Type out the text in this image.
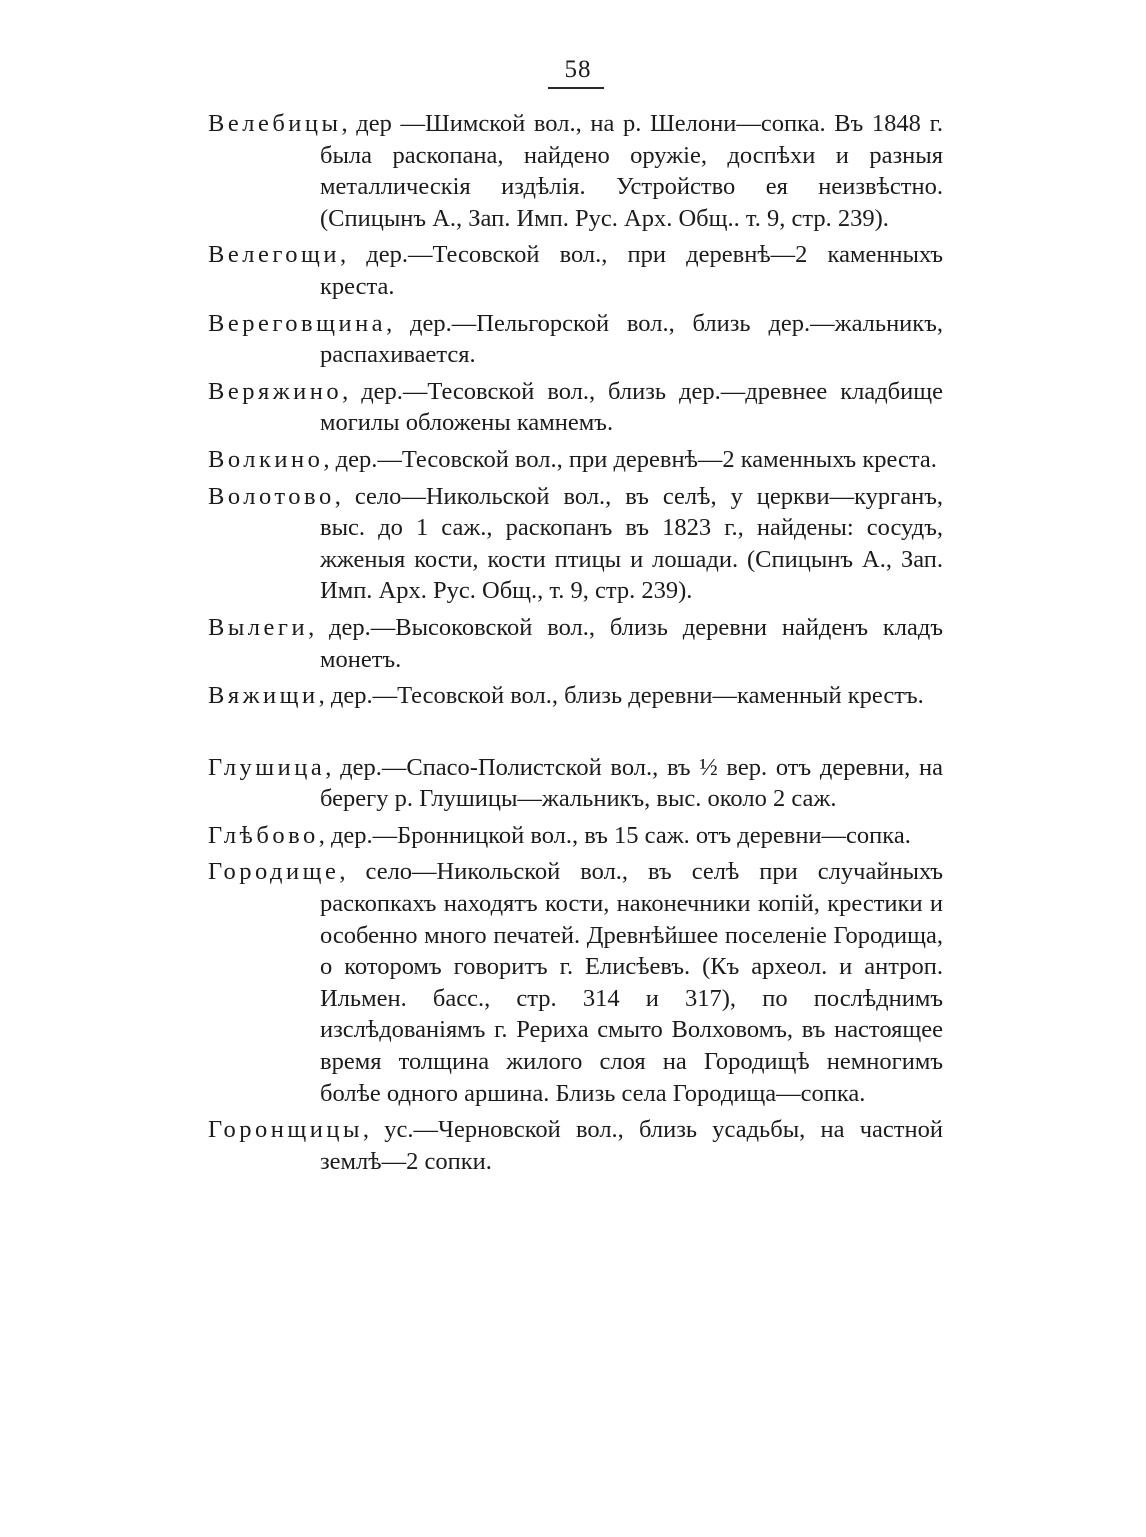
58

Велебицы, дер —Шимской вол., на р. Шелони—сопка. Въ 1848 г. была раскопана, найдено оружіе, доспѣхи и разныя металлическія издѣлія. Устройство ея неизвѣстно. (Спицынъ А., Зап. Имп. Рус. Арх. Общ.. т. 9, стр. 239).

Велегощи, дер.—Тесовской вол., при деревнѣ—2 каменныхъ креста.

Вереговщина, дер.—Пельгорской вол., близь дер.—жальникъ, распахивается.

Веряжино, дер.—Тесовской вол., близь дер.—древнее кладбище могилы обложены камнемъ.

Волкино, дер.—Тесовской вол., при деревнѣ—2 каменныхъ креста.

Волотово, село—Никольской вол., въ селѣ, у церкви—курганъ, выс. до 1 саж., раскопанъ въ 1823 г., найдены: сосудъ, жженыя кости, кости птицы и лошади. (Спицынъ А., Зап. Имп. Арх. Рус. Общ., т. 9, стр. 239).

Вылеги, дер.—Высоковской вол., близь деревни найденъ кладъ монетъ.

Вяжищи, дер.—Тесовской вол., близь деревни—каменный крестъ.

Глушица, дер.—Спасо-Полистской вол., въ ½ вер. отъ деревни, на берегу р. Глушицы—жальникъ, выс. около 2 саж.

Глѣбово, дер.—Бронницкой вол., въ 15 саж. отъ деревни—сопка.

Городище, село—Никольской вол., въ селѣ при случайныхъ раскопкахъ находятъ кости, наконечники копій, крестики и особенно много печатей. Древнѣйшее поселеніе Городища, о которомъ говоритъ г. Елисѣевъ. (Къ археол. и антроп. Ильмен. басс., стр. 314 и 317), по послѣднимъ изслѣдованіямъ г. Рериха смыто Волховомъ, въ настоящее время толщина жилого слоя на Городищѣ немногимъ болѣе одного аршина. Близь села Городища—сопка.

Горонщицы, ус.—Черновской вол., близь усадьбы, на частной землѣ—2 сопки.
